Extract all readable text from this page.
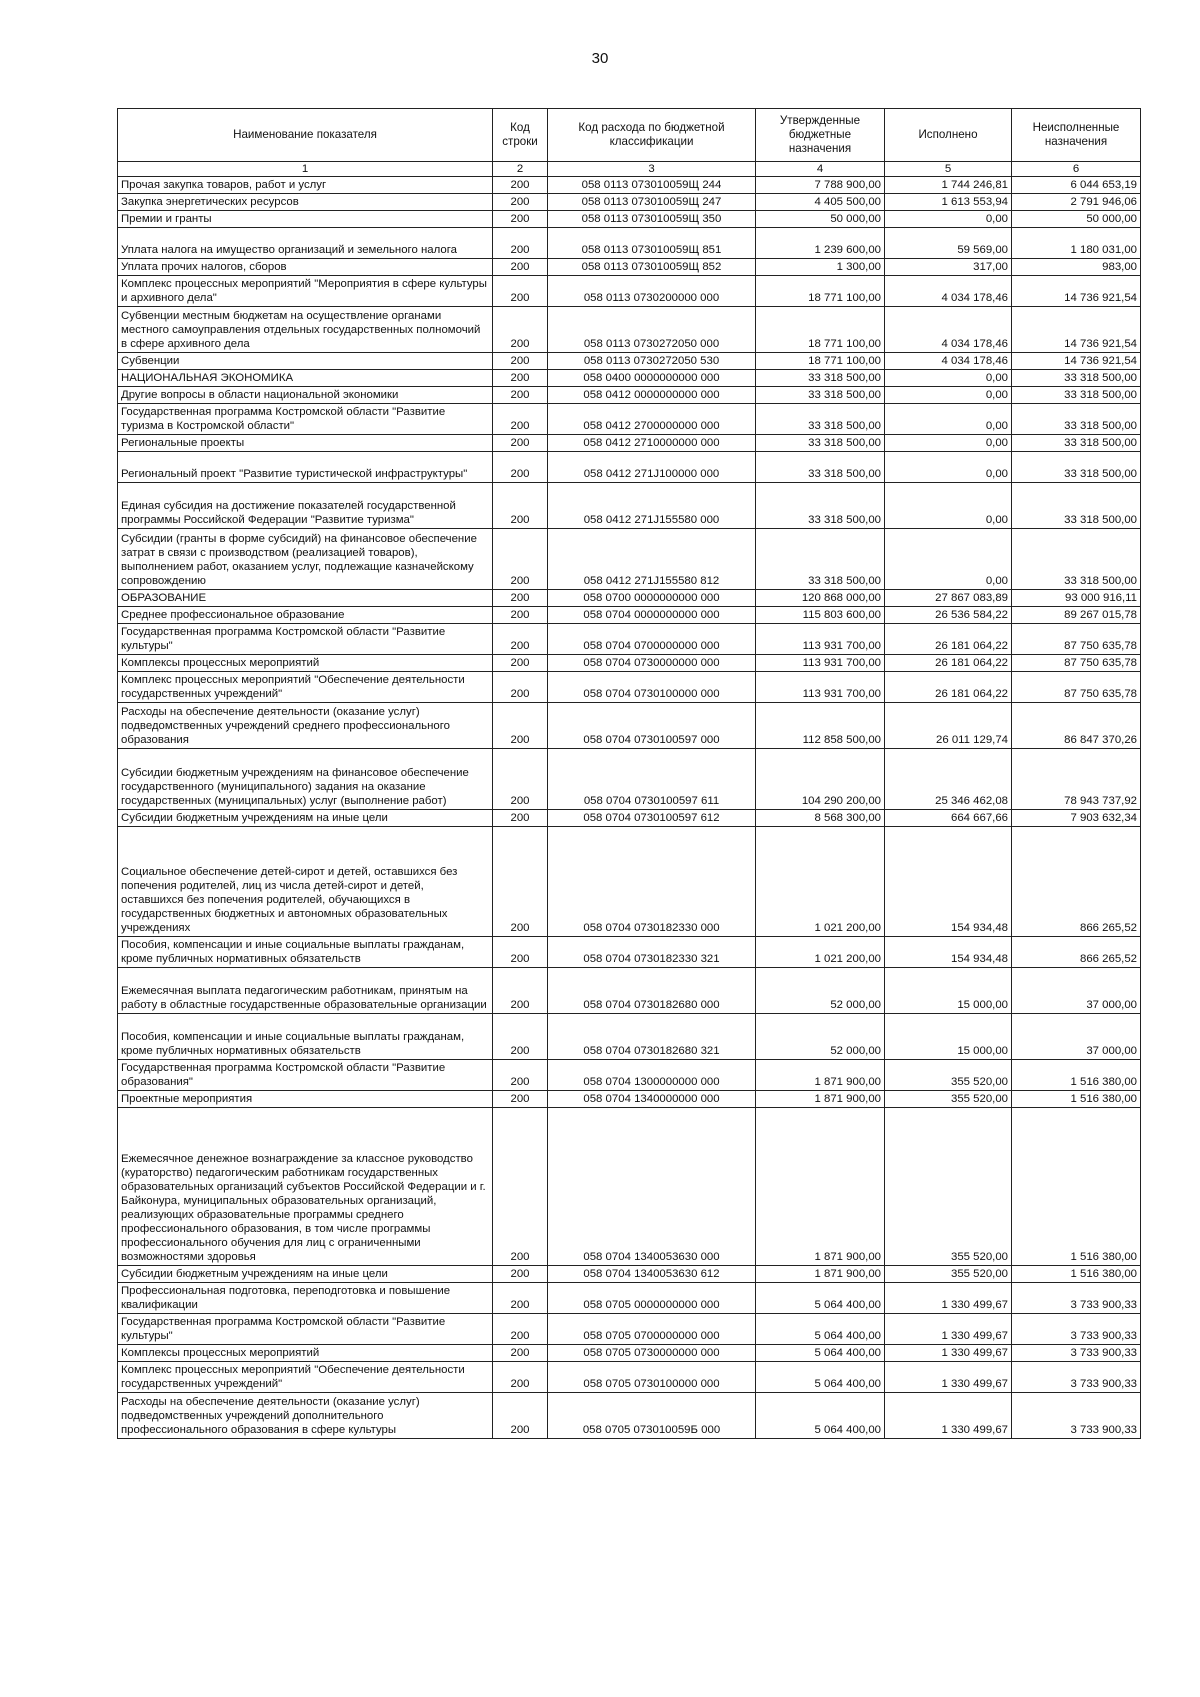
30
Наименование показателя	Код строки	Код расхода по бюджетной классификации	Утвержденные бюджетные назначения	Исполнено	Неисполненные назначения
1	2	3	4	5	6
Прочая закупка товаров, работ и услуг	200	058 0113 073010059Щ 244	7 788 900,00	1 744 246,81	6 044 653,19
Закупка энергетических ресурсов	200	058 0113 073010059Щ 247	4 405 500,00	1 613 553,94	2 791 946,06
Премии и гранты	200	058 0113 073010059Щ 350	50 000,00	0,00	50 000,00
Уплата налога на имущество организаций и земельного налога	200	058 0113 073010059Щ 851	1 239 600,00	59 569,00	1 180 031,00
Уплата прочих налогов, сборов	200	058 0113 073010059Щ 852	1 300,00	317,00	983,00
Комплекс процессных мероприятий "Мероприятия в сфере культуры и архивного дела"	200	058 0113 0730200000 000	18 771 100,00	4 034 178,46	14 736 921,54
Субвенции местным бюджетам на осуществление органами местного самоуправления отдельных государственных полномочий в сфере архивного дела	200	058 0113 0730272050 000	18 771 100,00	4 034 178,46	14 736 921,54
Субвенции	200	058 0113 0730272050 530	18 771 100,00	4 034 178,46	14 736 921,54
НАЦИОНАЛЬНАЯ ЭКОНОМИКА	200	058 0400 0000000000 000	33 318 500,00	0,00	33 318 500,00
Другие вопросы в области национальной экономики	200	058 0412 0000000000 000	33 318 500,00	0,00	33 318 500,00
Государственная программа Костромской области "Развитие туризма в Костромской области"	200	058 0412 2700000000 000	33 318 500,00	0,00	33 318 500,00
Региональные проекты	200	058 0412 2710000000 000	33 318 500,00	0,00	33 318 500,00
Региональный проект "Развитие туристической инфраструктуры"	200	058 0412 271J100000 000	33 318 500,00	0,00	33 318 500,00
Единая субсидия на достижение показателей государственной программы Российской Федерации "Развитие туризма"	200	058 0412 271J155580 000	33 318 500,00	0,00	33 318 500,00
Субсидии (гранты в форме субсидий) на финансовое обеспечение затрат в связи с производством (реализацией товаров), выполнением работ, оказанием услуг, подлежащие казначейскому сопровождению	200	058 0412 271J155580 812	33 318 500,00	0,00	33 318 500,00
ОБРАЗОВАНИЕ	200	058 0700 0000000000 000	120 868 000,00	27 867 083,89	93 000 916,11
Среднее профессиональное образование	200	058 0704 0000000000 000	115 803 600,00	26 536 584,22	89 267 015,78
Государственная программа Костромской области "Развитие культуры"	200	058 0704 0700000000 000	113 931 700,00	26 181 064,22	87 750 635,78
Комплексы процессных мероприятий	200	058 0704 0730000000 000	113 931 700,00	26 181 064,22	87 750 635,78
Комплекс процессных мероприятий "Обеспечение деятельности государственных учреждений"	200	058 0704 0730100000 000	113 931 700,00	26 181 064,22	87 750 635,78
Расходы на обеспечение деятельности (оказание услуг) подведомственных учреждений среднего профессионального образования	200	058 0704 0730100597 000	112 858 500,00	26 011 129,74	86 847 370,26
Субсидии бюджетным учреждениям на финансовое обеспечение государственного (муниципального) задания на оказание государственных (муниципальных) услуг (выполнение работ)	200	058 0704 0730100597 611	104 290 200,00	25 346 462,08	78 943 737,92
Субсидии бюджетным учреждениям на иные цели	200	058 0704 0730100597 612	8 568 300,00	664 667,66	7 903 632,34
Социальное обеспечение детей-сирот и детей, оставшихся без попечения родителей, лиц из числа детей-сирот и детей, оставшихся без попечения родителей, обучающихся в государственных бюджетных и автономных образовательных учреждениях	200	058 0704 0730182330 000	1 021 200,00	154 934,48	866 265,52
Пособия, компенсации и иные социальные выплаты гражданам, кроме публичных нормативных обязательств	200	058 0704 0730182330 321	1 021 200,00	154 934,48	866 265,52
Ежемесячная выплата педагогическим работникам, принятым на работу в областные государственные образовательные организации	200	058 0704 0730182680 000	52 000,00	15 000,00	37 000,00
Пособия, компенсации и иные социальные выплаты гражданам, кроме публичных нормативных обязательств	200	058 0704 0730182680 321	52 000,00	15 000,00	37 000,00
Государственная программа Костромской области "Развитие образования"	200	058 0704 1300000000 000	1 871 900,00	355 520,00	1 516 380,00
Проектные мероприятия	200	058 0704 1340000000 000	1 871 900,00	355 520,00	1 516 380,00
Ежемесячное денежное вознаграждение за классное руководство (кураторство) педагогическим работникам государственных образовательных организаций субъектов Российской Федерации и г. Байконура, муниципальных образовательных организаций, реализующих образовательные программы среднего профессионального образования, в том числе программы профессионального обучения для лиц с ограниченными возможностями здоровья	200	058 0704 1340053630 000	1 871 900,00	355 520,00	1 516 380,00
Субсидии бюджетным учреждениям на иные цели	200	058 0704 1340053630 612	1 871 900,00	355 520,00	1 516 380,00
Профессиональная подготовка, переподготовка и повышение квалификации	200	058 0705 0000000000 000	5 064 400,00	1 330 499,67	3 733 900,33
Государственная программа Костромской области "Развитие культуры"	200	058 0705 0700000000 000	5 064 400,00	1 330 499,67	3 733 900,33
Комплексы процессных мероприятий	200	058 0705 0730000000 000	5 064 400,00	1 330 499,67	3 733 900,33
Комплекс процессных мероприятий "Обеспечение деятельности государственных учреждений"	200	058 0705 0730100000 000	5 064 400,00	1 330 499,67	3 733 900,33
Расходы на обеспечение деятельности (оказание услуг) подведомственных учреждений дополнительного профессионального образования в сфере культуры	200	058 0705 073010059Б 000	5 064 400,00	1 330 499,67	3 733 900,33
